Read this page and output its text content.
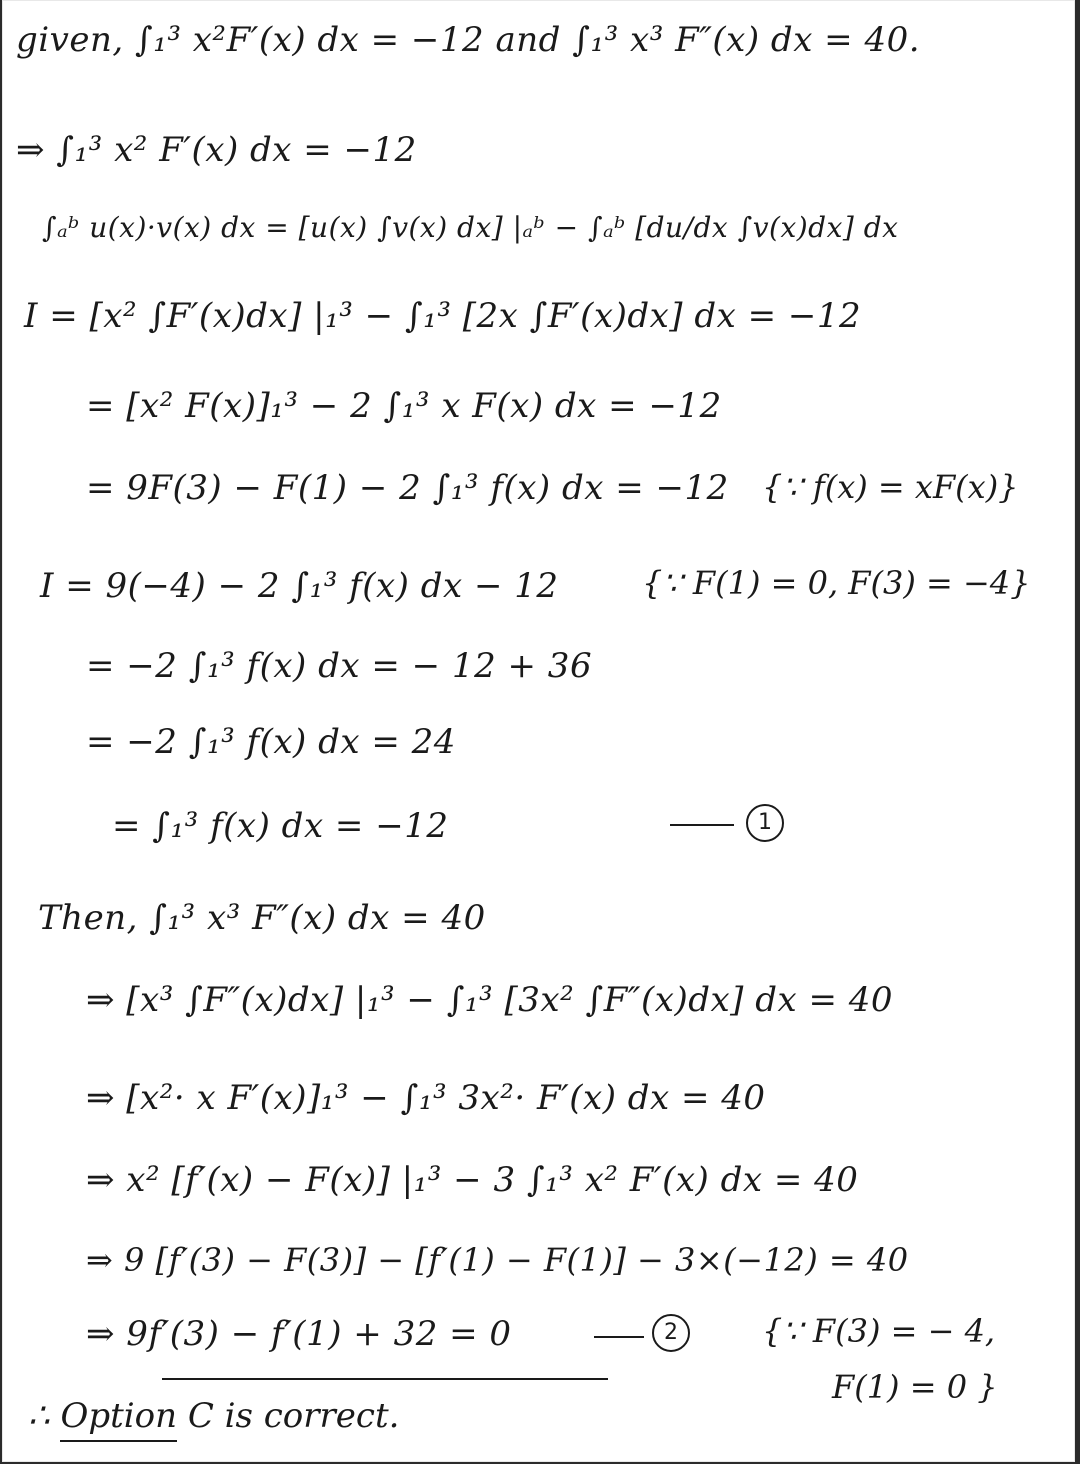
given, ∫₁³ x²F′(x) dx = −12 and ∫₁³ x³ F″(x) dx = 40.
⇒ ∫₁³ x² F′(x) dx = −12
∫ₐᵇ u(x)·v(x) dx = [u(x) ∫v(x) dx] |ₐᵇ − ∫ₐᵇ [du/dx ∫v(x)dx] dx
I = [x² ∫F′(x)dx] |₁³ − ∫₁³ [2x ∫F′(x)dx] dx = −12
= [x² F(x)]₁³ − 2 ∫₁³ x F(x) dx = −12
= 9F(3) − F(1) − 2 ∫₁³ f(x) dx = −12 {∵ f(x) = xF(x)}
I = 9(−4) − 2 ∫₁³ f(x) dx − 12	{∵ F(1) = 0, F(3) = −4}
= −2 ∫₁³ f(x) dx = − 12 + 36
= −2 ∫₁³ f(x) dx = 24
= ∫₁³ f(x) dx = −12	1
Then, ∫₁³ x³ F″(x) dx = 40
⇒ [x³ ∫F″(x)dx] |₁³ − ∫₁³ [3x² ∫F″(x)dx] dx = 40
⇒ [x²· x F′(x)]₁³ − ∫₁³ 3x²· F′(x) dx = 40
⇒ x² [f′(x) − F(x)] |₁³ − 3 ∫₁³ x² F′(x) dx = 40
⇒ 9 [f′(3) − F(3)] − [f′(1) − F(1)] − 3×(−12) = 40
⇒ 9f′(3) − f′(1) + 32 = 0	2	{∵ F(3) = − 4,
F(1) = 0 }
∴ Option C is correct.
